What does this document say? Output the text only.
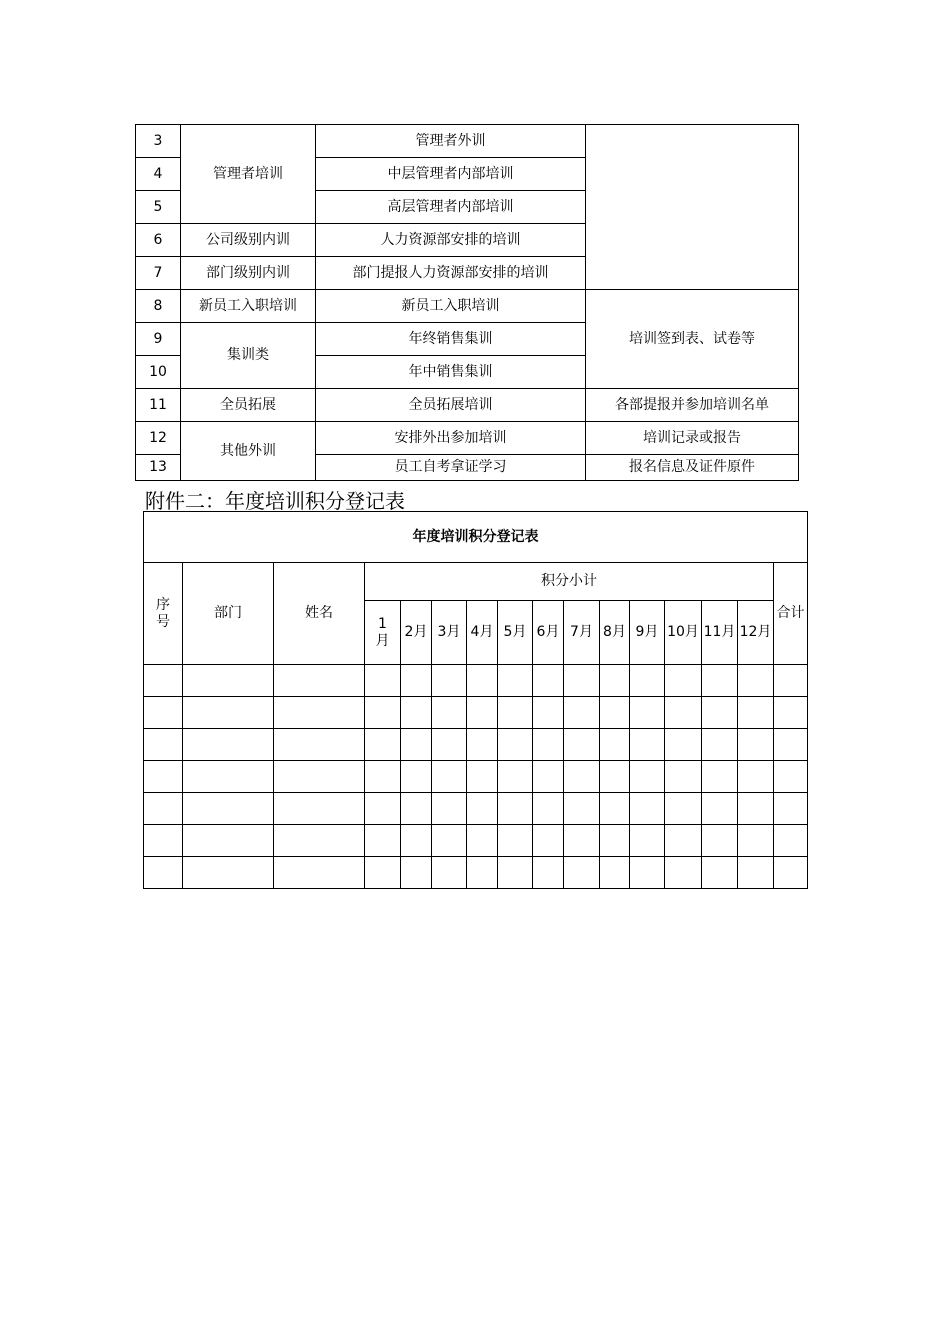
3	管理者培训	管理者外训	
4		中层管理者内部培训	
5		高层管理者内部培训	
6	公司级别内训	人力资源部安排的培训	
7	部门级别内训	部门提报人力资源部安排的培训	
8	新员工入职培训	新员工入职培训	培训签到表、试卷等
9	集训类	年终销售集训	
10		年中销售集训	
11	全员拓展	全员拓展培训	各部提报并参加培训名单
12	其他外训	安排外出参加培训	培训记录或报告
13		员工自考拿证学习	报名信息及证件原件
附件二：年度培训积分登记表
年度培训积分登记表															
序号	部门	姓名	积分小计												合计
			1月	2月	3月	4月	5月	6月	7月	8月	9月	10月	11月	12月	
